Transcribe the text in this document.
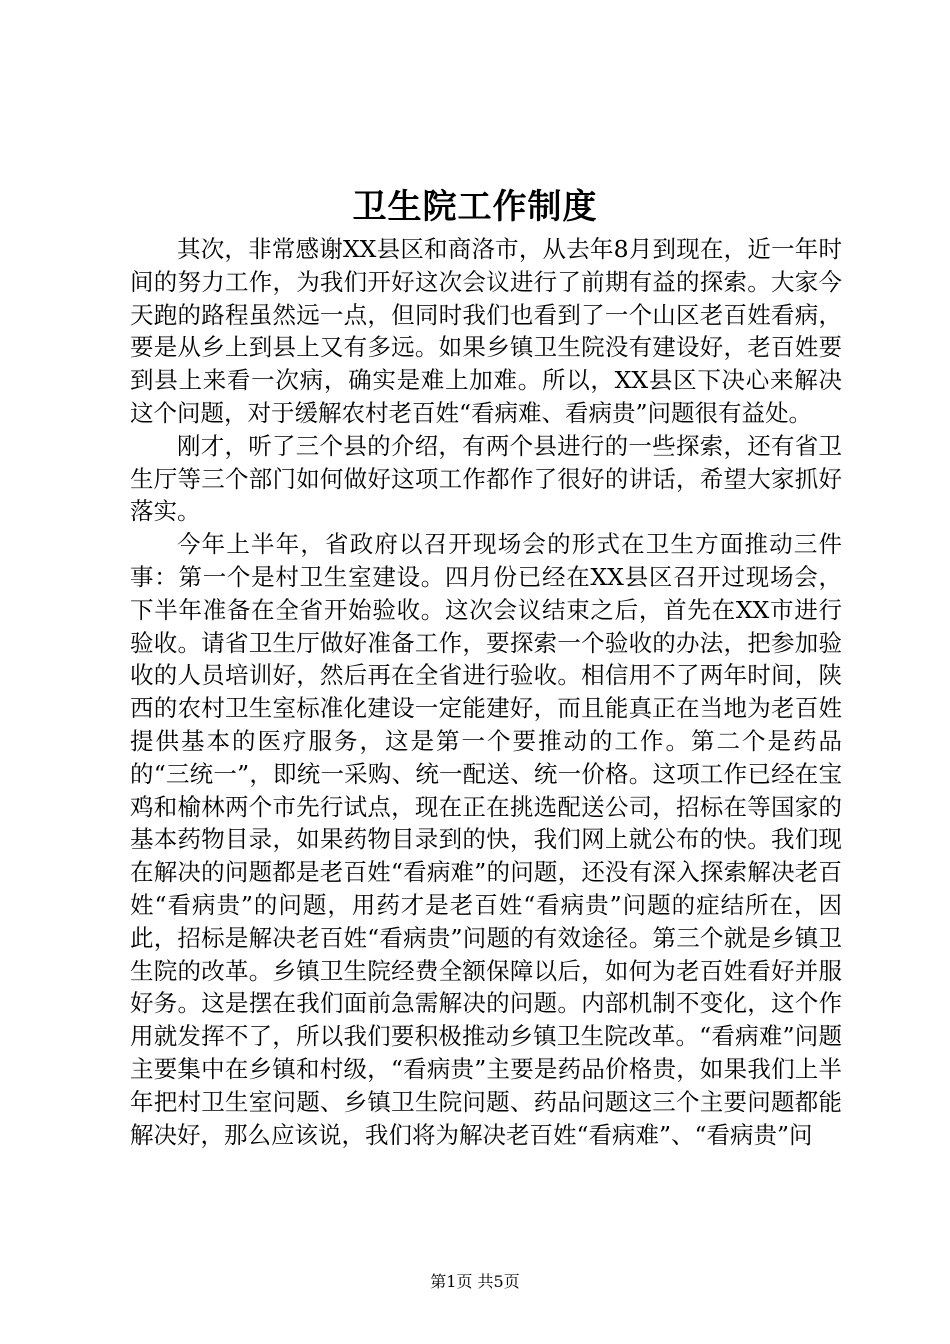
卫生院工作制度

其次，非常感谢XX县区和商洛市，从去年8月到现在，近一年时间的努力工作，为我们开好这次会议进行了前期有益的探索。大家今天跑的路程虽然远一点，但同时我们也看到了一个山区老百姓看病，要是从乡上到县上又有多远。如果乡镇卫生院没有建设好，老百姓要到县上来看一次病，确实是难上加难。所以，XX县区下决心来解决这个问题，对于缓解农村老百姓“看病难、看病贵”问题很有益处。

刚才，听了三个县的介绍，有两个县进行的一些探索，还有省卫生厅等三个部门如何做好这项工作都作了很好的讲话，希望大家抓好落实。

今年上半年，省政府以召开现场会的形式在卫生方面推动三件事：第一个是村卫生室建设。四月份已经在XX县区召开过现场会，下半年准备在全省开始验收。这次会议结束之后，首先在XX市进行验收。请省卫生厅做好准备工作，要探索一个验收的办法，把参加验收的人员培训好，然后再在全省进行验收。相信用不了两年时间，陕西的农村卫生室标准化建设一定能建好，而且能真正在当地为老百姓提供基本的医疗服务，这是第一个要推动的工作。第二个是药品的“三统一”，即统一采购、统一配送、统一价格。这项工作已经在宝鸡和榆林两个市先行试点，现在正在挑选配送公司，招标在等国家的基本药物目录，如果药物目录到的快，我们网上就公布的快。我们现在解决的问题都是老百姓“看病难”的问题，还没有深入探索解决老百姓“看病贵”的问题，用药才是老百姓“看病贵”问题的症结所在，因此，招标是解决老百姓“看病贵”问题的有效途径。第三个就是乡镇卫生院的改革。乡镇卫生院经费全额保障以后，如何为老百姓看好并服好务。这是摆在我们面前急需解决的问题。内部机制不变化，这个作用就发挥不了，所以我们要积极推动乡镇卫生院改革。“看病难”问题主要集中在乡镇和村级，“看病贵”主要是药品价格贵，如果我们上半年把村卫生室问题、乡镇卫生院问题、药品问题这三个主要问题都能解决好，那么应该说，我们将为解决老百姓“看病难”、“看病贵”问

第1页 共5页
